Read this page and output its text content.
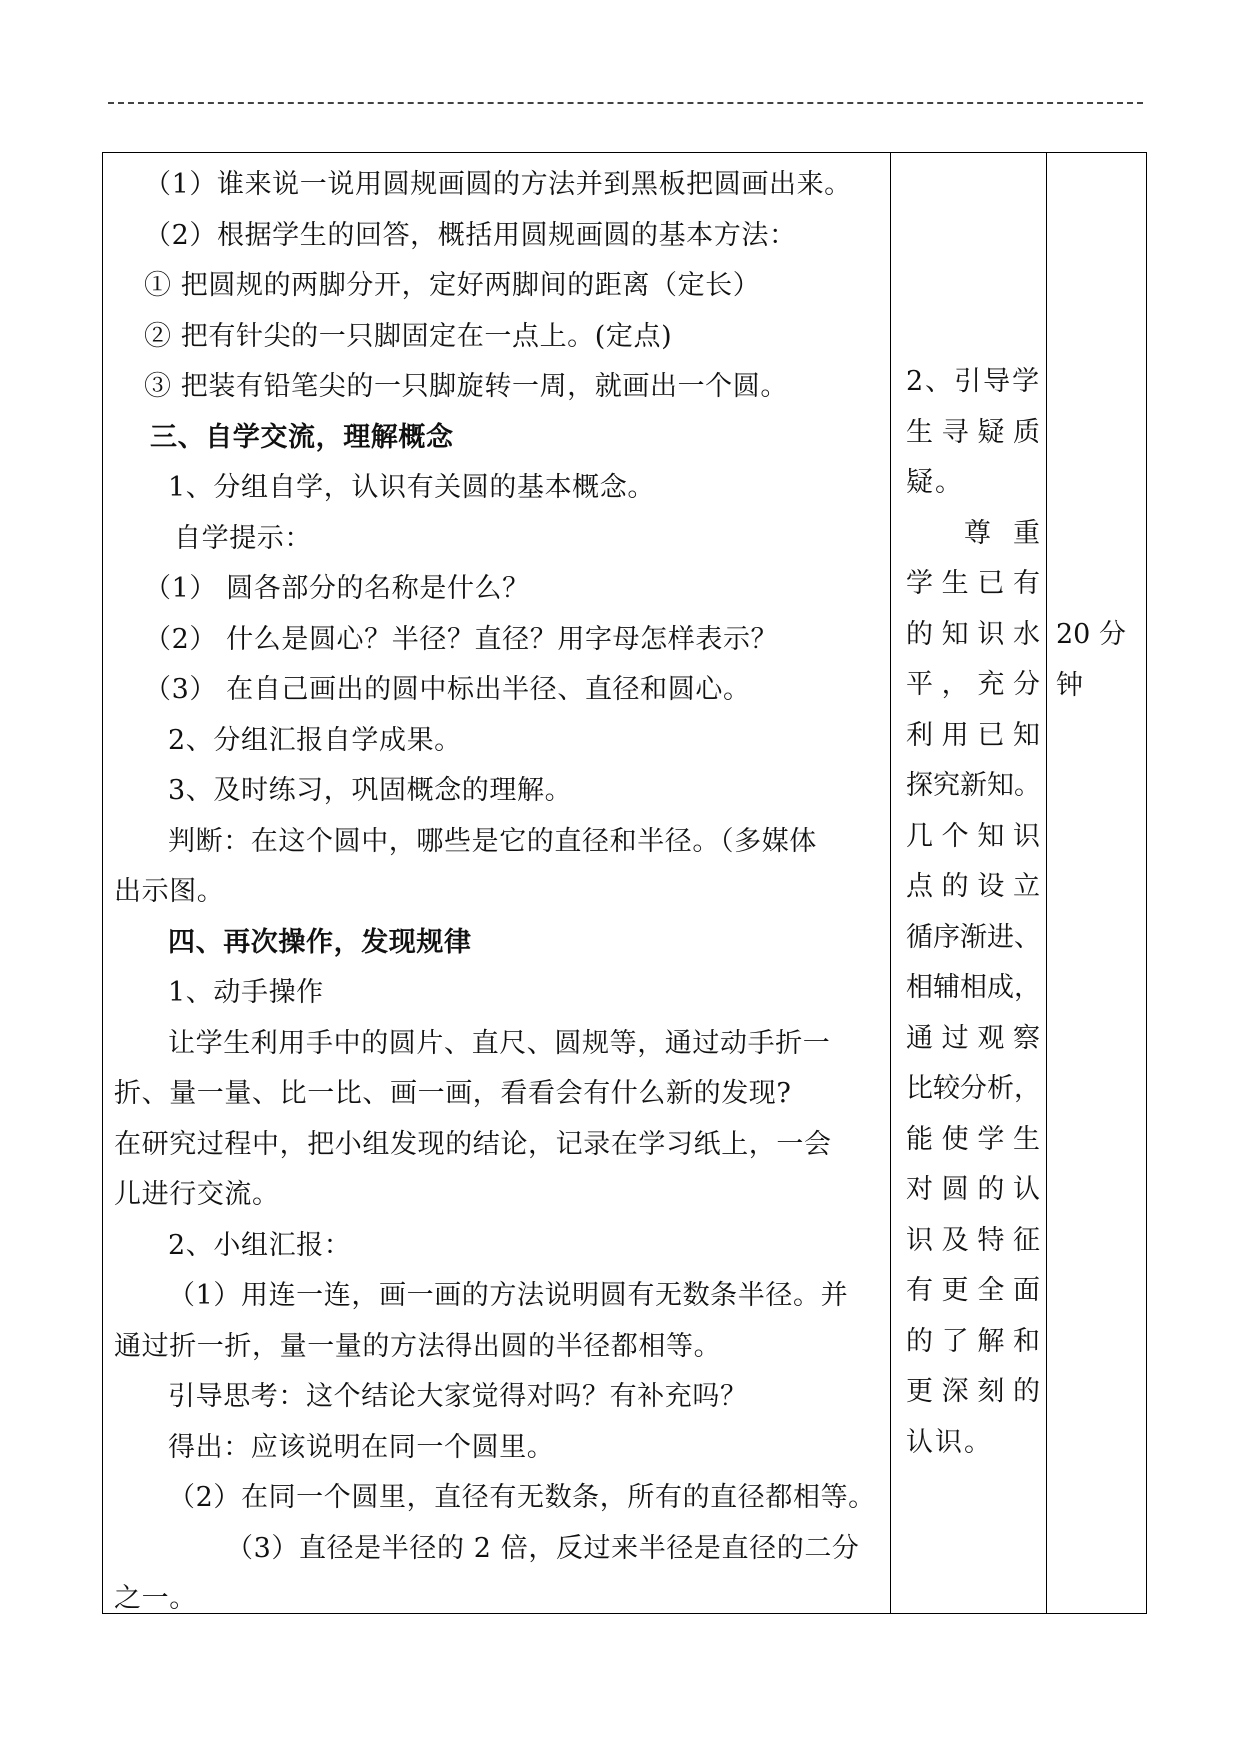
（1）谁来说一说用圆规画圆的方法并到黑板把圆画出来。
（2）根据学生的回答，概括用圆规画圆的基本方法：
① 把圆规的两脚分开，定好两脚间的距离（定长）
② 把有针尖的一只脚固定在一点上。(定点)
③ 把装有铅笔尖的一只脚旋转一周，就画出一个圆。
三、自学交流，理解概念
1、分组自学，认识有关圆的基本概念。
自学提示：
（1） 圆各部分的名称是什么？
（2） 什么是圆心？半径？直径？用字母怎样表示？
（3） 在自己画出的圆中标出半径、直径和圆心。
2、分组汇报自学成果。
3、及时练习，巩固概念的理解。
判断：在这个圆中，哪些是它的直径和半径。（多媒体
出示图。
四、再次操作，发现规律
1、动手操作
让学生利用手中的圆片、直尺、圆规等，通过动手折一
折、量一量、比一比、画一画，看看会有什么新的发现?
在研究过程中，把小组发现的结论，记录在学习纸上，一会
儿进行交流。
2、小组汇报：
（1）用连一连，画一画的方法说明圆有无数条半径。并
通过折一折，量一量的方法得出圆的半径都相等。
引导思考：这个结论大家觉得对吗？有补充吗？
得出：应该说明在同一个圆里。
（2）在同一个圆里，直径有无数条，所有的直径都相等。
（3）直径是半径的 2 倍，反过来半径是直径的二分
之一。
2、引导学
生 寻 疑 质
疑。
尊 重
学 生 已 有
的 知 识 水
平 ， 充 分
利 用 已 知
探 究 新 知 。
几 个 知 识
点 的 设 立
循 序 渐 进 、
相 辅 相 成 ，
通 过 观 察
比 较 分 析 ，
能 使 学 生
对 圆 的 认
识 及 特 征
有 更 全 面
的 了 解 和
更 深 刻 的
认识。
20 分
钟
